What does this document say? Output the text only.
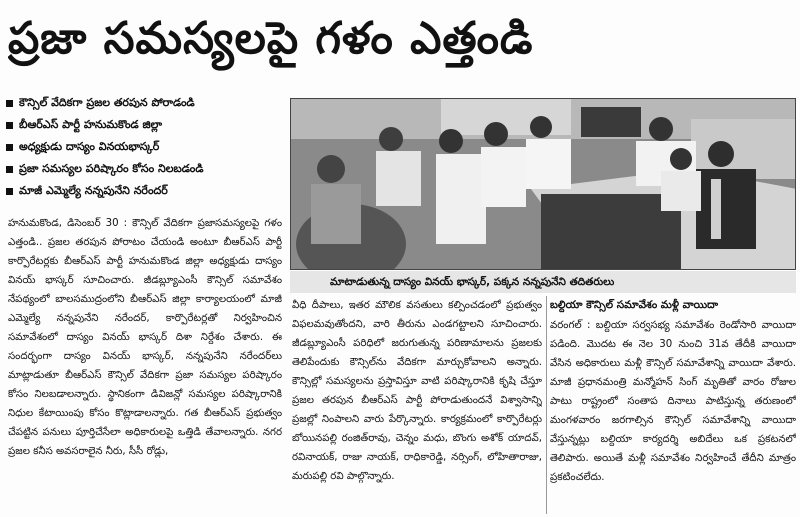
ప్రజా సమస్యలపై గళం ఎత్తండి
కౌన్సిల్ వేదికగా ప్రజల తరపున పోరాడండి
బీఆర్ఎస్ పార్టీ హనుమకొండ జిల్లా
అధ్యక్షుడు దాస్యం వినయభాస్కర్
ప్రజా సమస్యల పరిష్కారం కోసం నిలబడండి
మాజీ ఎమ్మెల్యే నన్నపునేని నరేందర్
మాటాడుతున్న దాస్యం వినయ్ భాస్కర్, పక్కన నన్నపునేని తదితరులు

హనుమకొండ, డిసెంబర్ 30 : కౌన్సిల్ వేదికగా ప్రజాసమస్యలపై గళం ఎత్తండి.. ప్రజల తరపున పోరాటం చేయండి అంటూ బీఆర్ఎస్ పార్టీ కార్పొరేటర్లకు బీఆర్ఎస్ పార్టీ హనుమకొండ జిల్లా అధ్యక్షుడు దాస్యం వినయ్ భాస్కర్ సూచించారు. జీడబ్ల్యూఎంసీ కౌన్సిల్ సమావేశం నేపథ్యంలో బాలసముద్రంలోని బీఆర్ఎస్ జిల్లా కార్యాలయంలో మాజీ ఎమ్మెల్యే నన్నపునేని నరేందర్, కార్పొరేటర్లతో నిర్వహించిన సమావేశంలో దాస్యం వినయ్ భాస్కర్ దిశా నిర్దేశం చేశారు. ఈ సందర్భంగా దాస్యం వినయ్ భాస్కర్, నన్నపునేని నరేందర్‌లు మాట్లాడుతూ బీఆర్ఎస్ కౌన్సిల్ వేదికగా ప్రజా సమస్యల పరిష్కారం కోసం నిలబడాలన్నారు. స్థానికంగా డివిజన్లో సమస్యల పరిష్కారానికి నిధుల కేటాయింపు కోసం కొట్లాడాలన్నారు. గత బీఆర్ఎస్ ప్రభుత్వం చేపట్టిన పనులు పూర్తిచేసేలా అధికారులపై ఒత్తిడి తేవాలన్నారు. నగర ప్రజల కనీస అవసరాలైన నీరు, సీసీ రోడ్లు,

వీధి దీపాలు, ఇతర మౌలిక వసతులు కల్పించడంలో ప్రభుత్వం విఫలమవుతోందని, వారి తీరును ఎండగట్టాలని సూచించారు. జీడబ్ల్యూఎంసీ పరిధిలో జరుగుతున్న పరిణామాలను ప్రజలకు తెలిపేందుకు కౌన్సిల్‌ను వేదికగా మార్చుకోవాలని అన్నారు. కౌన్సిల్లో సమస్యలను ప్రస్తావిస్తూ వాటి పరిష్కారానికి కృషి చేస్తూ ప్రజల తరపున బీఆర్ఎస్ పార్టీ పోరాడుతుందనే విశ్వాసాన్ని ప్రజల్లో నింపాలని వారు పేర్కొన్నారు. కార్యక్రమంలో కార్పొరేటర్లు బోయినపల్లి రంజిత్‌రావు, చెన్నం మధు, బొంగు అశోక్ యాదవ్, రవినాయక్, రాజు నాయక్, రాధికారెడ్డి, నర్సింగ్, లోహితారాజు, మరుపల్లి రవి పాల్గొన్నారు.

బల్దియా కౌన్సిల్ సమావేశం మళ్లీ వాయిదా

వరంగల్ : బల్దియా సర్వసభ్య సమావేశం రెండోసారి వాయిదా పడింది. మొదట ఈ నెల 30 నుంచి 31వ తేదీకి వాయిదా వేసిన అధికారులు మళ్లీ కౌన్సిల్ సమావేశాన్ని వాయిదా వేశారు. మాజీ ప్రధానమంత్రి మన్మోహన్ సింగ్ మృతితో వారం రోజుల పాటు రాష్ట్రంలో సంతాప దినాలు పాటిస్తున్న తరుణంలో మంగళవారం జరగాల్సిన కౌన్సిల్ సమావేశాన్ని వాయిదా వేస్తున్నట్లు బల్దియా కార్యదర్శి అబిదేలు ఒక ప్రకటనలో తెలిపారు. అయితే మళ్లీ సమావేశం నిర్వహించే తేదీని మాత్రం ప్రకటించలేదు.
